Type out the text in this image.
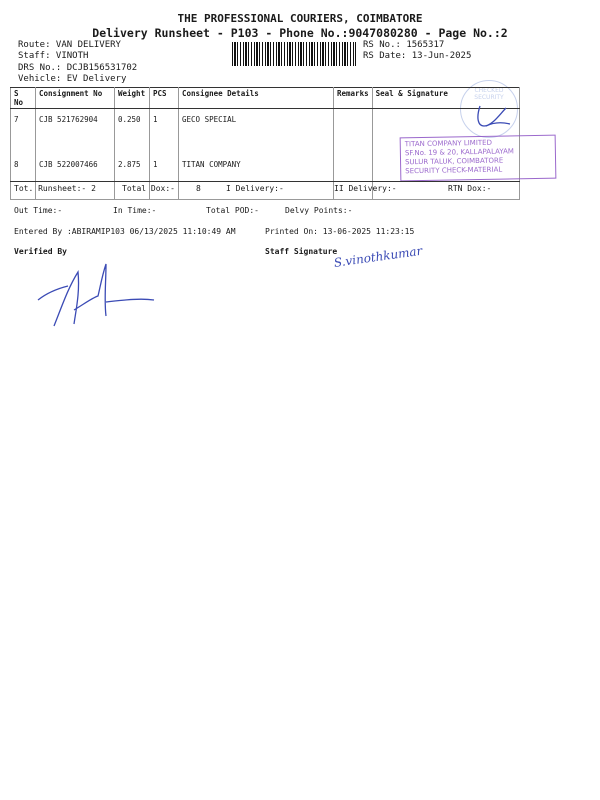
THE PROFESSIONAL COURIERS, COIMBATORE
Delivery Runsheet - P103 - Phone No.:9047080280 - Page No.:2
Route: VAN DELIVERY
Staff: VINOTH
DRS No.: DCJB156531702
Vehicle: EV Delivery
RS No.: 1565317
RS Date: 13-Jun-2025
CHECKED SECURITY
S No	Consignment No	Weight	PCS	Consignee Details	Remarks	Seal & Signature
7	CJB 521762904	0.250	1	GECO SPECIAL		
8	CJB 522007466	2.875	1	TITAN COMPANY		
TITAN COMPANY LIMITED
SF.No. 19 & 20, KALLAPALAYAM
SULUR TALUK, COIMBATORE
SECURITY CHECK-MATERIAL
Tot. Runsheet:- 2	Total Dox:-	8	I Delivery:-	II Delivery:-	RTN Dox:-
Out Time:-	In Time:-	Total POD:-	Delvy Points:-
Entered By :ABIRAMIP103 06/13/2025 11:10:49 AM	Printed On: 13-06-2025 11:23:15
Verified By	Staff Signature
S.vinothkumar
